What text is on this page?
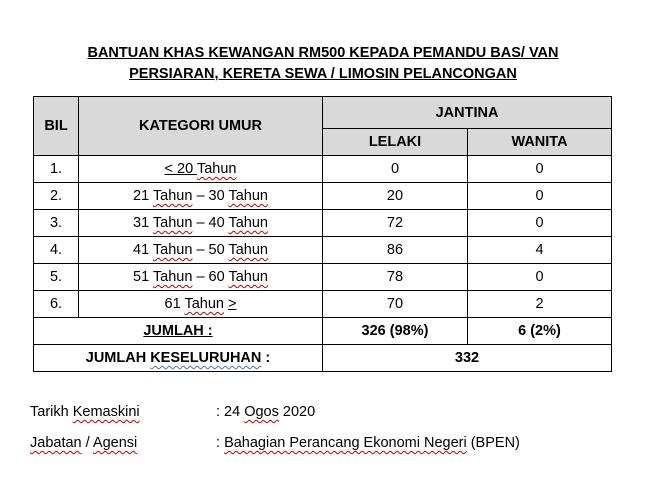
BANTUAN KHAS KEWANGAN RM500 KEPADA PEMANDU BAS/ VAN
PERSIARAN, KERETA SEWA / LIMOSIN PELANCONGAN
BIL	KATEGORI UMUR	JANTINA	
		LELAKI	WANITA
1.	< 20 Tahun	0	0
2.	21 Tahun – 30 Tahun	20	0
3.	31 Tahun – 40 Tahun	72	0
4.	41 Tahun – 50 Tahun	86	4
5.	51 Tahun – 60 Tahun	78	0
6.	61 Tahun >	70	2
JUMLAH :		326 (98%)	6 (2%)
JUMLAH KESELURUHAN :		332	
Tarikh Kemaskini	: 24 Ogos 2020
Jabatan / Agensi	: Bahagian Perancang Ekonomi Negeri (BPEN)
